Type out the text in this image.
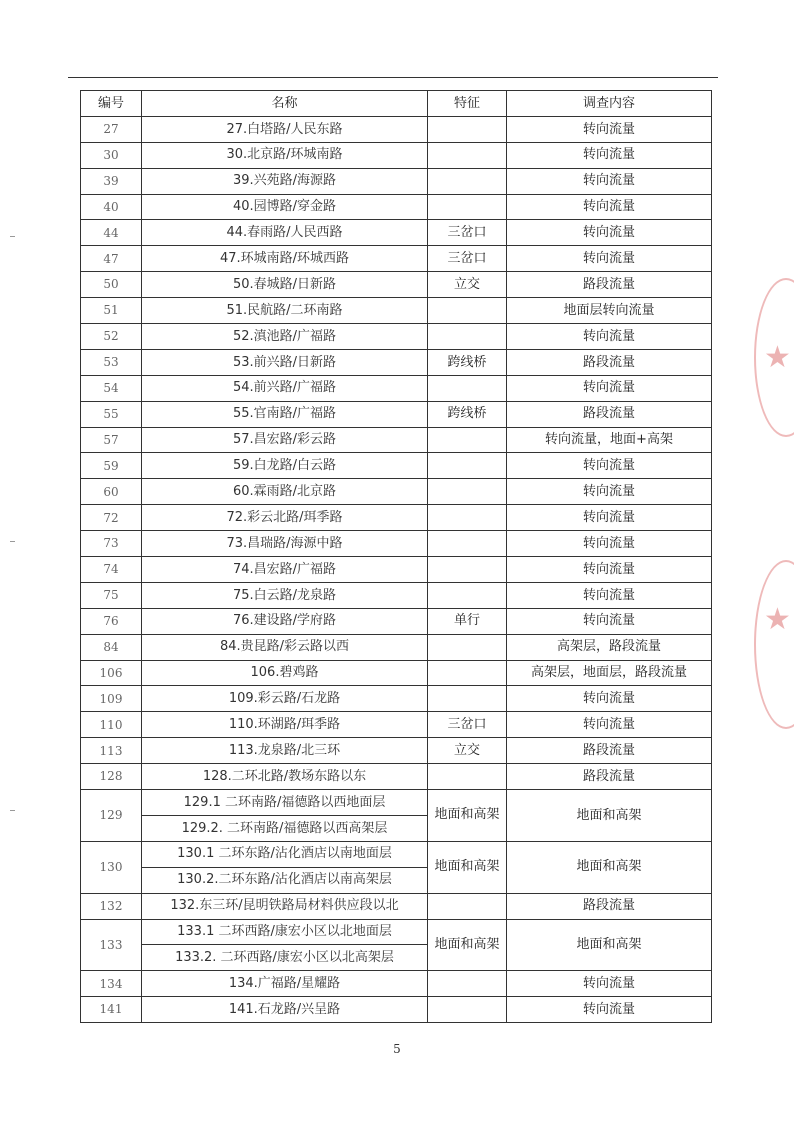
编号	名称	特征	调查内容
27	27.白塔路/人民东路		转向流量
30	30.北京路/环城南路		转向流量
39	39.兴苑路/海源路		转向流量
40	40.园博路/穿金路		转向流量
44	44.春雨路/人民西路	三岔口	转向流量
47	47.环城南路/环城西路	三岔口	转向流量
50	50.春城路/日新路	立交	路段流量
51	51.民航路/二环南路		地面层转向流量
52	52.滇池路/广福路		转向流量
53	53.前兴路/日新路	跨线桥	路段流量
54	54.前兴路/广福路		转向流量
55	55.官南路/广福路	跨线桥	路段流量
57	57.昌宏路/彩云路		转向流量，地面+高架
59	59.白龙路/白云路		转向流量
60	60.霖雨路/北京路		转向流量
72	72.彩云北路/珥季路		转向流量
73	73.昌瑞路/海源中路		转向流量
74	74.昌宏路/广福路		转向流量
75	75.白云路/龙泉路		转向流量
76	76.建设路/学府路	单行	转向流量
84	84.贵昆路/彩云路以西		高架层，路段流量
106	106.碧鸡路		高架层，地面层，路段流量
109	109.彩云路/石龙路		转向流量
110	110.环湖路/珥季路	三岔口	转向流量
113	113.龙泉路/北三环	立交	路段流量
128	128.二环北路/教场东路以东		路段流量
129	129.1 二环南路/福德路以西地面层	地面和高架	地面和高架
	129.2. 二环南路/福德路以西高架层		
130	130.1 二环东路/沾化酒店以南地面层	地面和高架	地面和高架
	130.2.二环东路/沾化酒店以南高架层		
132	132.东三环/昆明铁路局材料供应段以北		路段流量
133	133.1 二环西路/康宏小区以北地面层	地面和高架	地面和高架
	133.2. 二环西路/康宏小区以北高架层		
134	134.广福路/星耀路		转向流量
141	141.石龙路/兴呈路		转向流量
★
★
5
